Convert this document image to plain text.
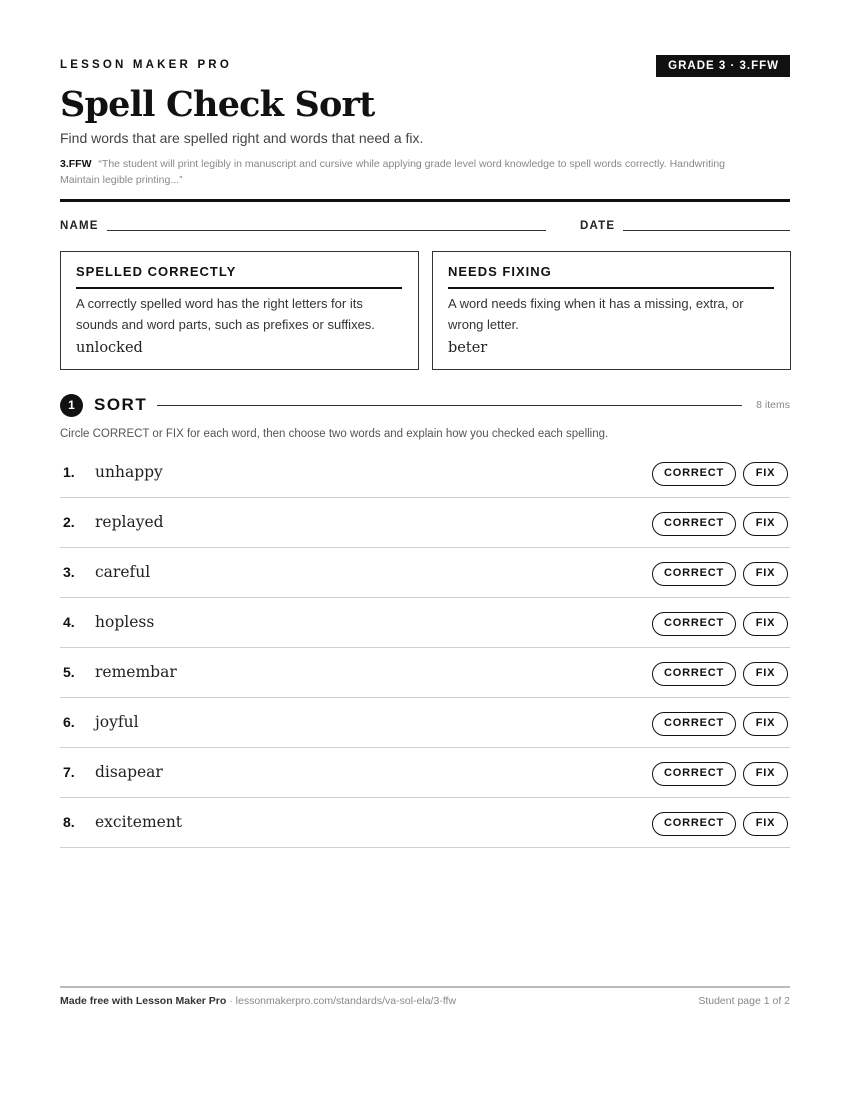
LESSON MAKER PRO	GRADE 3 · 3.FFW
Spell Check Sort
Find words that are spelled right and words that need a fix.
3.FFW “The student will print legibly in manuscript and cursive while applying grade level word knowledge to spell words correctly. Handwriting Maintain legible printing...”
NAME	DATE
SPELLED CORRECTLY
A correctly spelled word has the right letters for its sounds and word parts, such as prefixes or suffixes.
unlocked
NEEDS FIXING
A word needs fixing when it has a missing, extra, or wrong letter.
beter
1	SORT	8 items
Circle CORRECT or FIX for each word, then choose two words and explain how you checked each spelling.
1. unhappy	CORRECT	FIX
2. replayed	CORRECT	FIX
3. careful	CORRECT	FIX
4. hopless	CORRECT	FIX
5. remembar	CORRECT	FIX
6. joyful	CORRECT	FIX
7. disapear	CORRECT	FIX
8. excitement	CORRECT	FIX
Made free with Lesson Maker Pro · lessonmakerpro.com/standards/va-sol-ela/3-ffw	Student page 1 of 2
